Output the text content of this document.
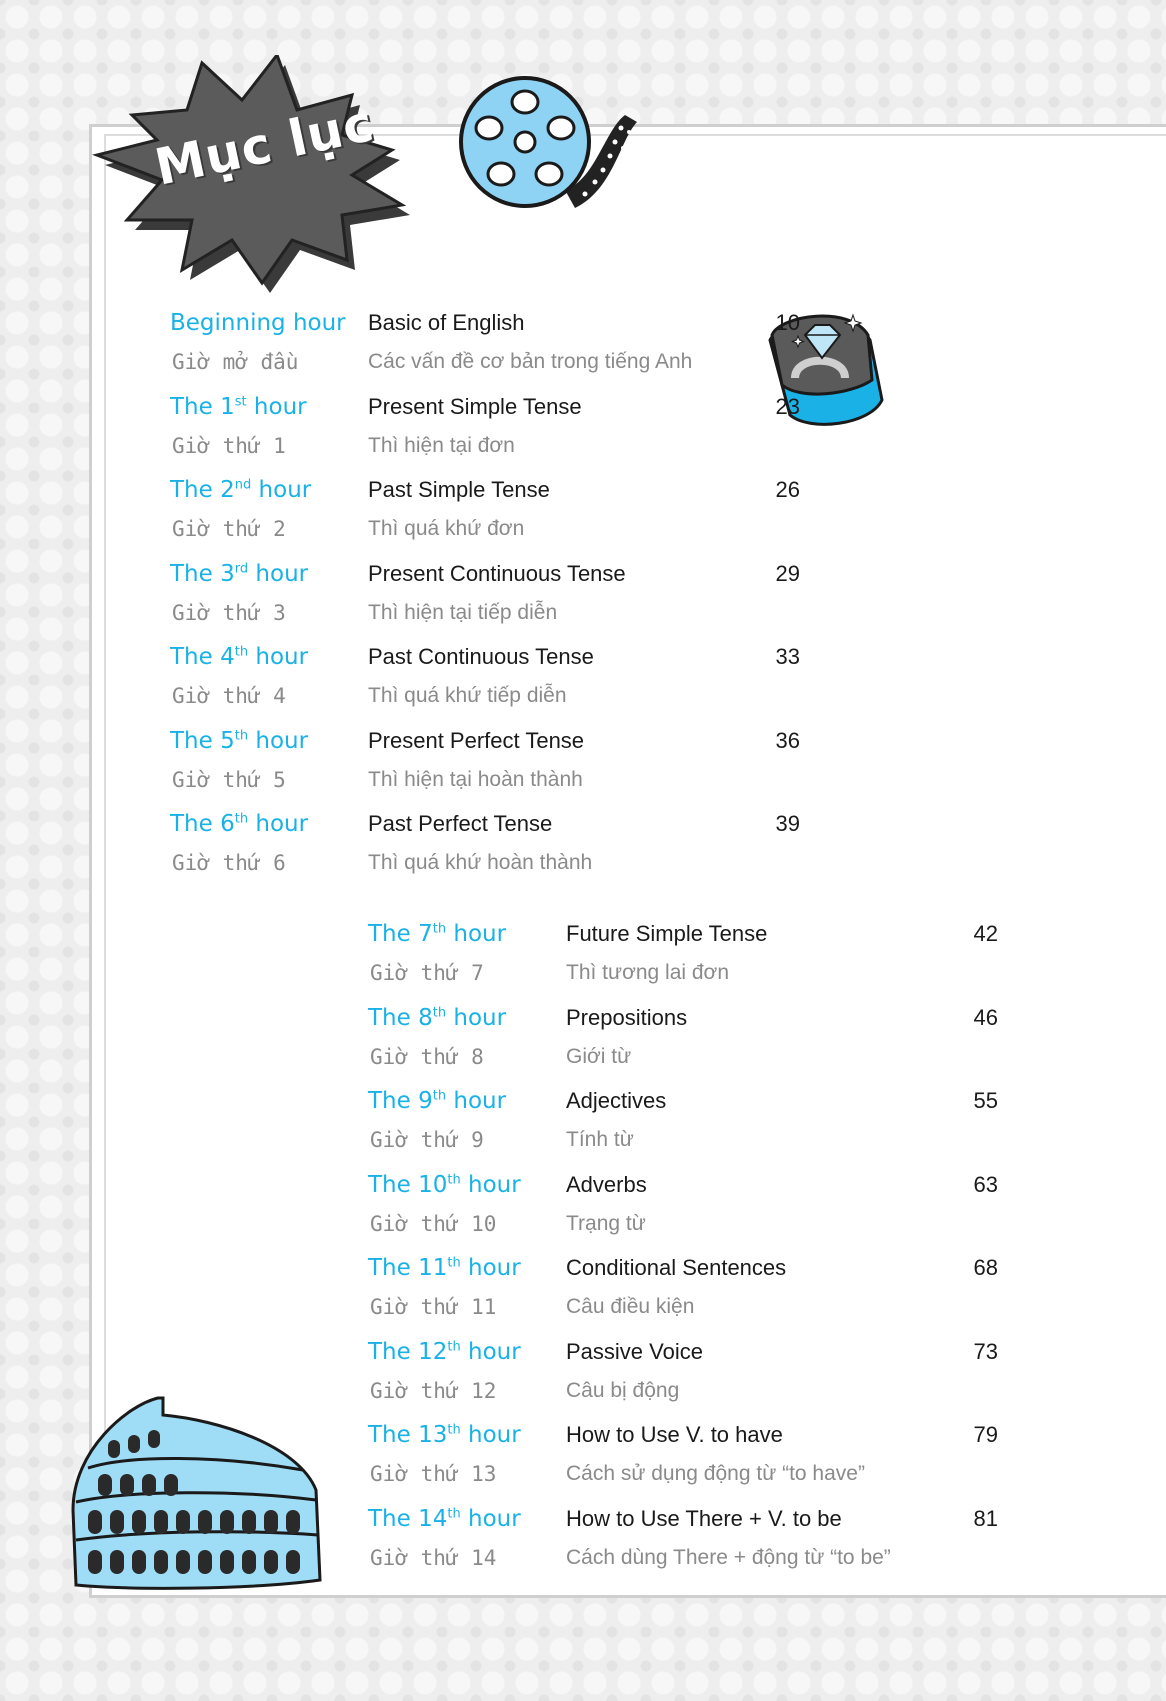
Mục lục
Beginning hour Basic of English	10
Giờ mở đầu	Các vấn đề cơ bản trong tiếng Anh
The 1st hour	Present Simple Tense	23
Giờ thứ 1	Thì hiện tại đơn
The 2nd hour	Past Simple Tense	26
Giờ thứ 2	Thì quá khứ đơn
The 3rd hour	Present Continuous Tense	29
Giờ thứ 3	Thì hiện tại tiếp diễn
The 4th hour	Past Continuous Tense	33
Giờ thứ 4	Thì quá khứ tiếp diễn
The 5th hour	Present Perfect Tense	36
Giờ thứ 5	Thì hiện tại hoàn thành
The 6th hour	Past Perfect Tense	39
Giờ thứ 6	Thì quá khứ hoàn thành
The 7th hour	Future Simple Tense	42
Giờ thứ 7	Thì tương lai đơn
The 8th hour	Prepositions	46
Giờ thứ 8	Giới từ
The 9th hour	Adjectives	55
Giờ thứ 9	Tính từ
The 10th hour Adverbs	63
Giờ thứ 10	Trạng từ
The 11th hour Conditional Sentences	68
Giờ thứ 11	Câu điều kiện
The 12th hour Passive Voice	73
Giờ thứ 12	Câu bị động
The 13th hour How to Use V. to have	79
Giờ thứ 13	Cách sử dụng động từ “to have”
The 14th hour How to Use There + V. to be	81
Giờ thứ 14	Cách dùng There + động từ “to be”
